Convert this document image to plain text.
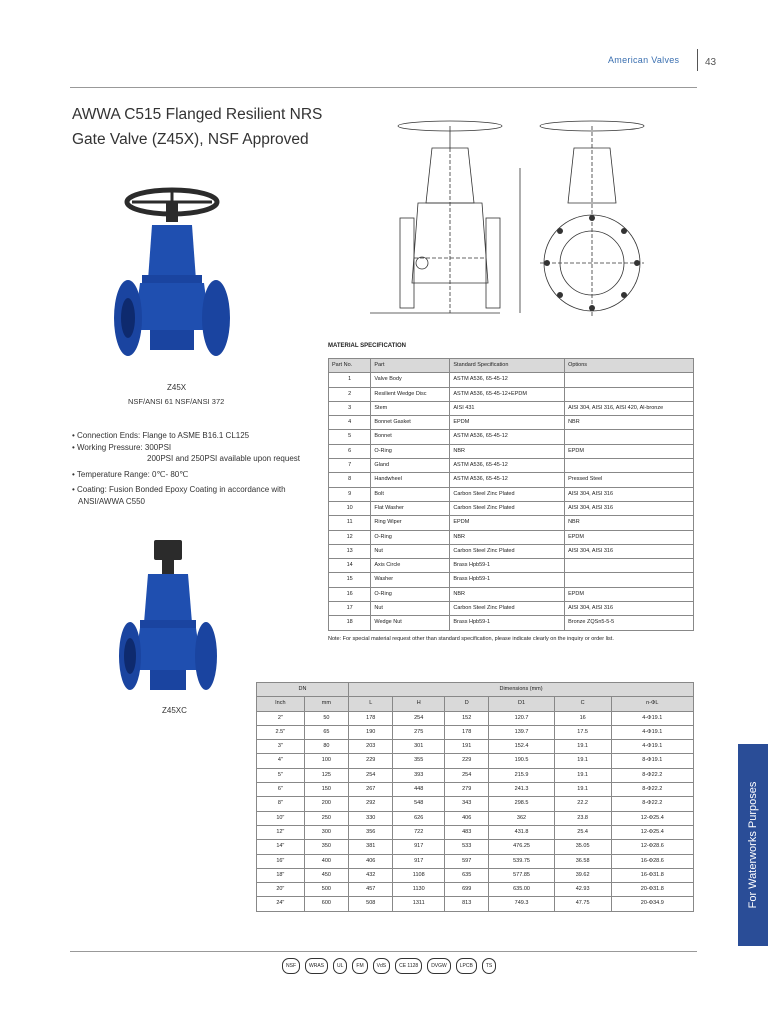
American Valves	43
AWWA C515 Flanged Resilient NRS
Gate Valve (Z45X), NSF Approved
Z45X
NSF/ANSI 61 NSF/ANSI 372
• Connection Ends: Flange to ASME B16.1 CL125
• Working Pressure: 300PSI
200PSI and 250PSI available upon request
• Temperature Range: 0℃- 80℃
• Coating: Fusion Bonded Epoxy Coating in accordance with
ANSI/AWWA C550
Z45XC
MATERIAL SPECIFICATION
Part No.	Part	Standard Specification	Options
1	Valve Body	ASTM A536, 65-45-12	
2	Resilient Wedge Disc	ASTM A536, 65-45-12+EPDM	
3	Stem	AISI 431	AISI 304, AISI 316, AISI 420, Al-bronze
4	Bonnet Gasket	EPDM	NBR
5	Bonnet	ASTM A536, 65-45-12	
6	O-Ring	NBR	EPDM
7	Gland	ASTM A536, 65-45-12	
8	Handwheel	ASTM A536, 65-45-12	Pressed Steel
9	Bolt	Carbon Steel Zinc Plated	AISI 304, AISI 316
10	Flat Washer	Carbon Steel Zinc Plated	AISI 304, AISI 316
11	Ring Wiper	EPDM	NBR
12	O-Ring	NBR	EPDM
13	Nut	Carbon Steel Zinc Plated	AISI 304, AISI 316
14	Axis Circle	Brass Hpb59-1	
15	Washer	Brass Hpb59-1	
16	O-Ring	NBR	EPDM
17	Nut	Carbon Steel Zinc Plated	AISI 304, AISI 316
18	Wedge Nut	Brass Hpb59-1	Bronze ZQSn5-5-5
Note: For special material request other than standard specification, please indicate clearly on the inquiry or order list.
DN		Dimensions (mm)					
Inch	mm	L	H	D	D1	C	n-ΦL
2"	50	178	254	152	120.7	16	4-Φ19.1
2.5"	65	190	275	178	139.7	17.5	4-Φ19.1
3"	80	203	301	191	152.4	19.1	4-Φ19.1
4"	100	229	355	229	190.5	19.1	8-Φ19.1
5"	125	254	393	254	215.9	19.1	8-Φ22.2
6"	150	267	448	279	241.3	19.1	8-Φ22.2
8"	200	292	548	343	298.5	22.2	8-Φ22.2
10"	250	330	626	406	362	23.8	12-Φ25.4
12"	300	356	722	483	431.8	25.4	12-Φ25.4
14"	350	381	917	533	476.25	35.05	12-Φ28.6
16"	400	406	917	597	539.75	36.58	16-Φ28.6
18"	450	432	1108	635	577.85	39.62	16-Φ31.8
20"	500	457	1130	699	635.00	42.93	20-Φ31.8
24"	600	508	1311	813	749.3	47.75	20-Φ34.9	For Waterworks Purposes
NSF	WRAS	UL	FM	VdS	CE 1128	DVGW	LPCB	TS
